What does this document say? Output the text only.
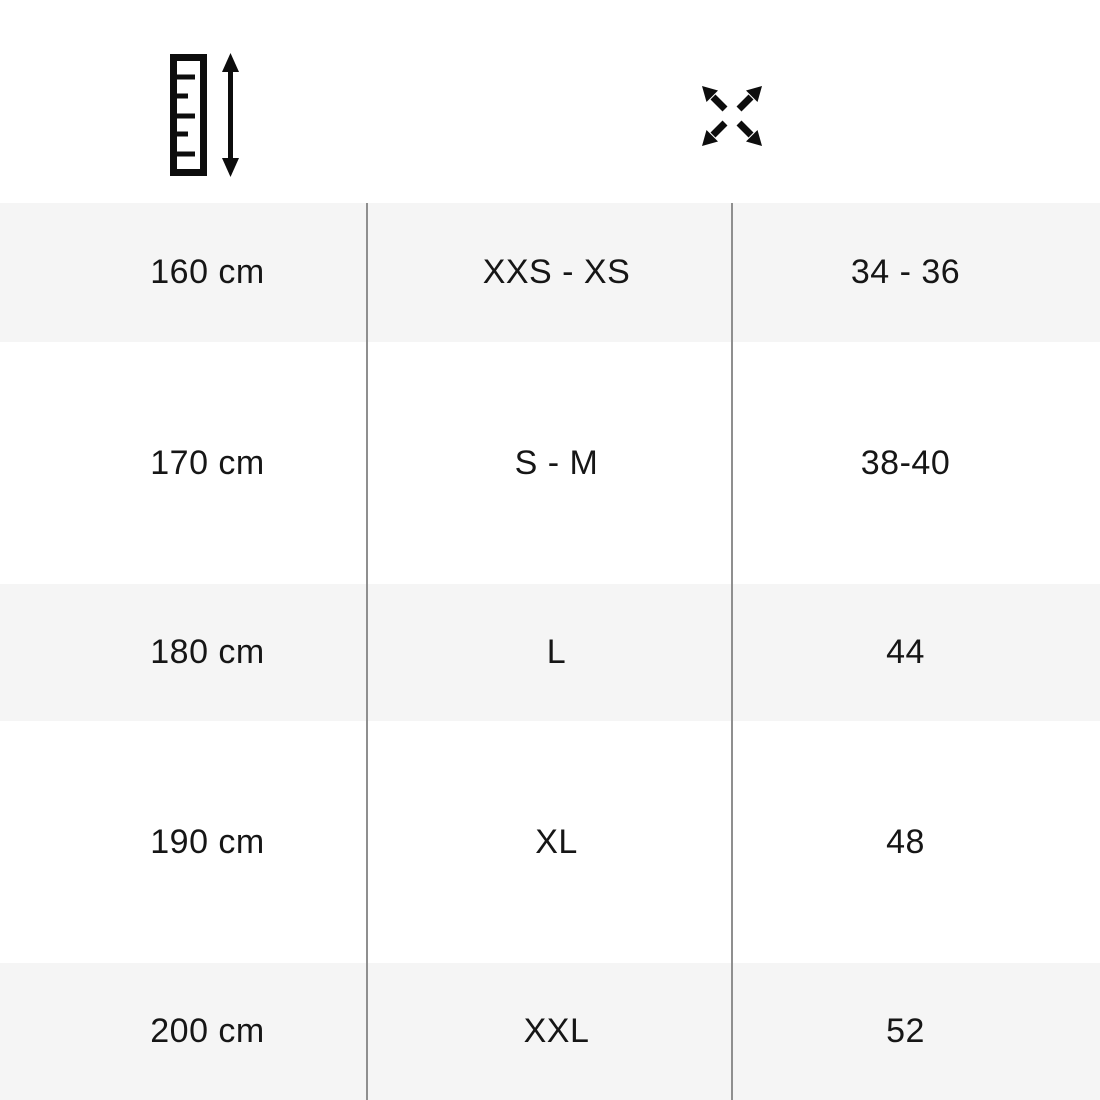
160 cm	XXS - XS	34 - 36
170 cm	S - M	38-40
180 cm	L	44
190 cm	XL	48
200 cm	XXL	52
